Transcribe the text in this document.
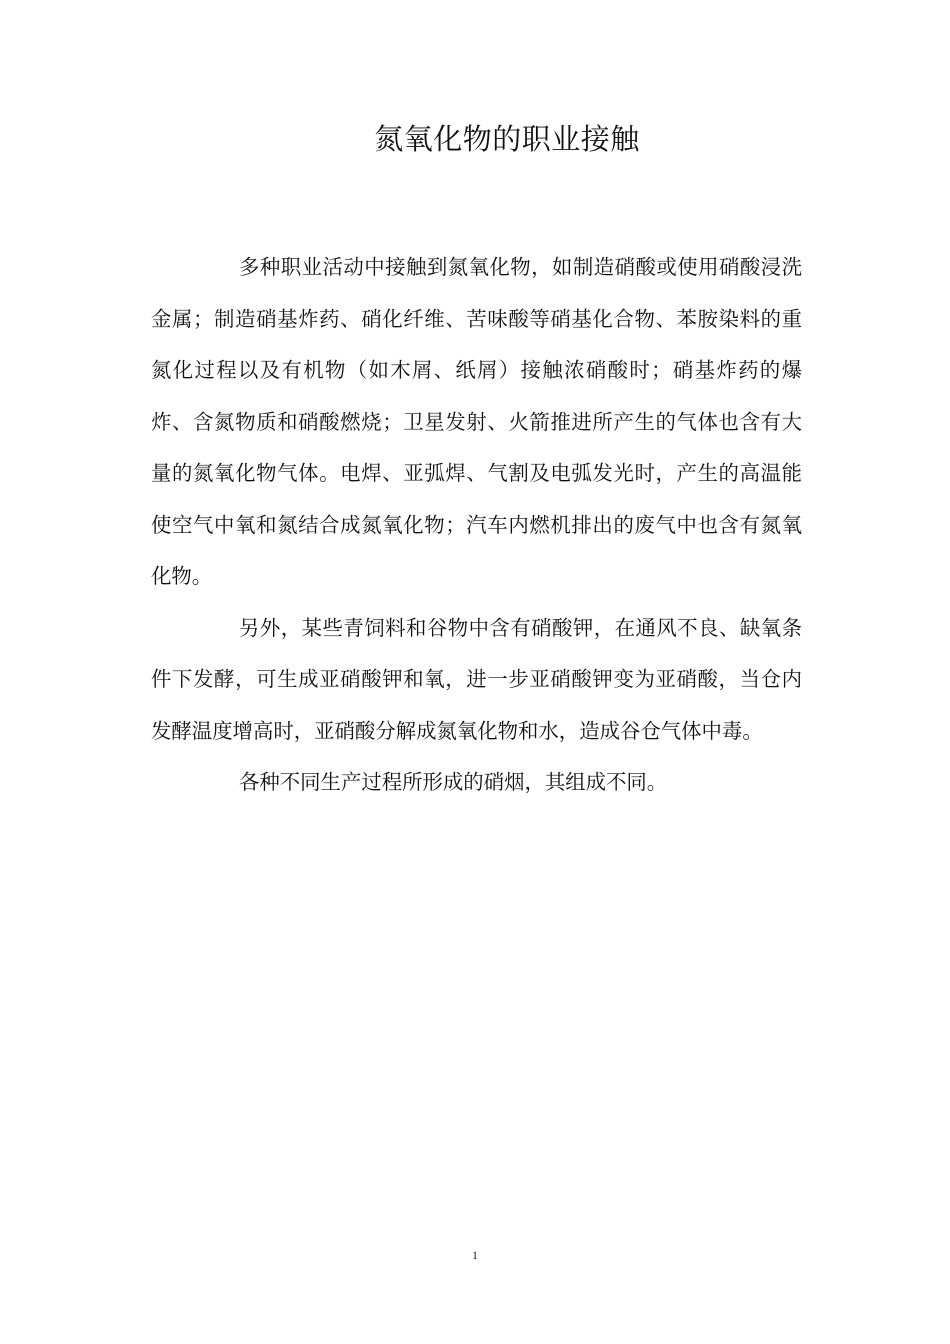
氮氧化物的职业接触

多种职业活动中接触到氮氧化物，如制造硝酸或使用硝酸浸洗金属；制造硝基炸药、硝化纤维、苦味酸等硝基化合物、苯胺染料的重氮化过程以及有机物（如木屑、纸屑）接触浓硝酸时；硝基炸药的爆炸、含氮物质和硝酸燃烧；卫星发射、火箭推进所产生的气体也含有大量的氮氧化物气体。电焊、亚弧焊、气割及电弧发光时，产生的高温能使空气中氧和氮结合成氮氧化物；汽车内燃机排出的废气中也含有氮氧化物。

另外，某些青饲料和谷物中含有硝酸钾，在通风不良、缺氧条件下发酵，可生成亚硝酸钾和氧，进一步亚硝酸钾变为亚硝酸，当仓内发酵温度增高时，亚硝酸分解成氮氧化物和水，造成谷仓气体中毒。

各种不同生产过程所形成的硝烟，其组成不同。

1
